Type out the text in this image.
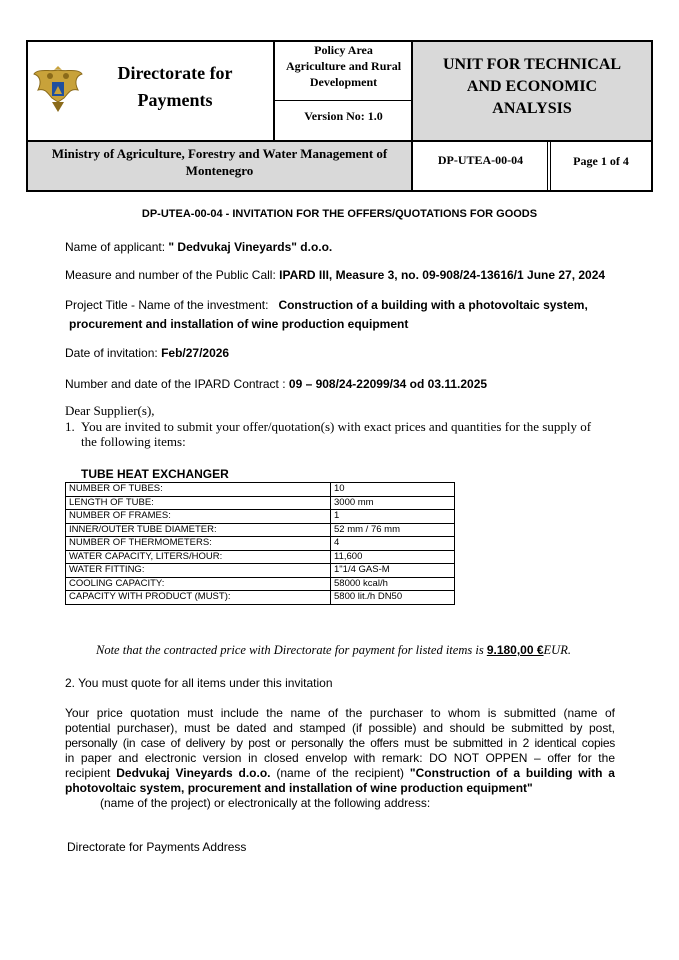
Directorate for
Payments
Policy Area
Agriculture and Rural
Development
Version No: 1.0
UNIT FOR TECHNICAL
AND ECONOMIC
ANALYSIS
Ministry of Agriculture, Forestry and Water Management of
Montenegro
DP-UTEA-00-04	Page 1 of 4
DP-UTEA-00-04 - INVITATION FOR THE OFFERS/QUOTATIONS FOR GOODS
Name of applicant: " Dedvukaj Vineyards" d.o.o.
Measure and number of the Public Call: IPARD III, Measure 3, no. 09-908/24-13616/1 June 27, 2024
Project Title - Name of the investment: Construction of a building with a photovoltaic system,
procurement and installation of wine production equipment
Date of invitation: Feb/27/2026
Number and date of the IPARD Contract : 09 – 908/24-22099/34 od 03.11.2025
Dear Supplier(s),
1. You are invited to submit your offer/quotation(s) with exact prices and quantities for the supply of
the following items:
TUBE HEAT EXCHANGER
NUMBER OF TUBES:	10
LENGTH OF TUBE:	3000 mm
NUMBER OF FRAMES:	1
INNER/OUTER TUBE DIAMETER:	52 mm / 76 mm
NUMBER OF THERMOMETERS:	4
WATER CAPACITY, LITERS/HOUR:	11,600
WATER FITTING:	1"1/4 GAS-M
COOLING CAPACITY:	58000 kcal/h
CAPACITY WITH PRODUCT (MUST):	5800 lit./h DN50
Note that the contracted price with Directorate for payment for listed items is 9.180,00 €EUR.
2. You must quote for all items under this invitation
Your price quotation must include the name of the purchaser to whom is submitted (name of
potential purchaser), must be dated and stamped (if possible) and should be submitted by post,
personally (in case of delivery by post or personally the offers must be submitted in 2 identical copies
in paper and electronic version in closed envelop with remark: DO NOT OPPEN – offer for the
recipient Dedvukaj Vineyards d.o.o. (name of the recipient) "Construction of a building with a
photovoltaic system, procurement and installation of wine production equipment"
(name of the project) or electronically at the following address:
Directorate for Payments Address
